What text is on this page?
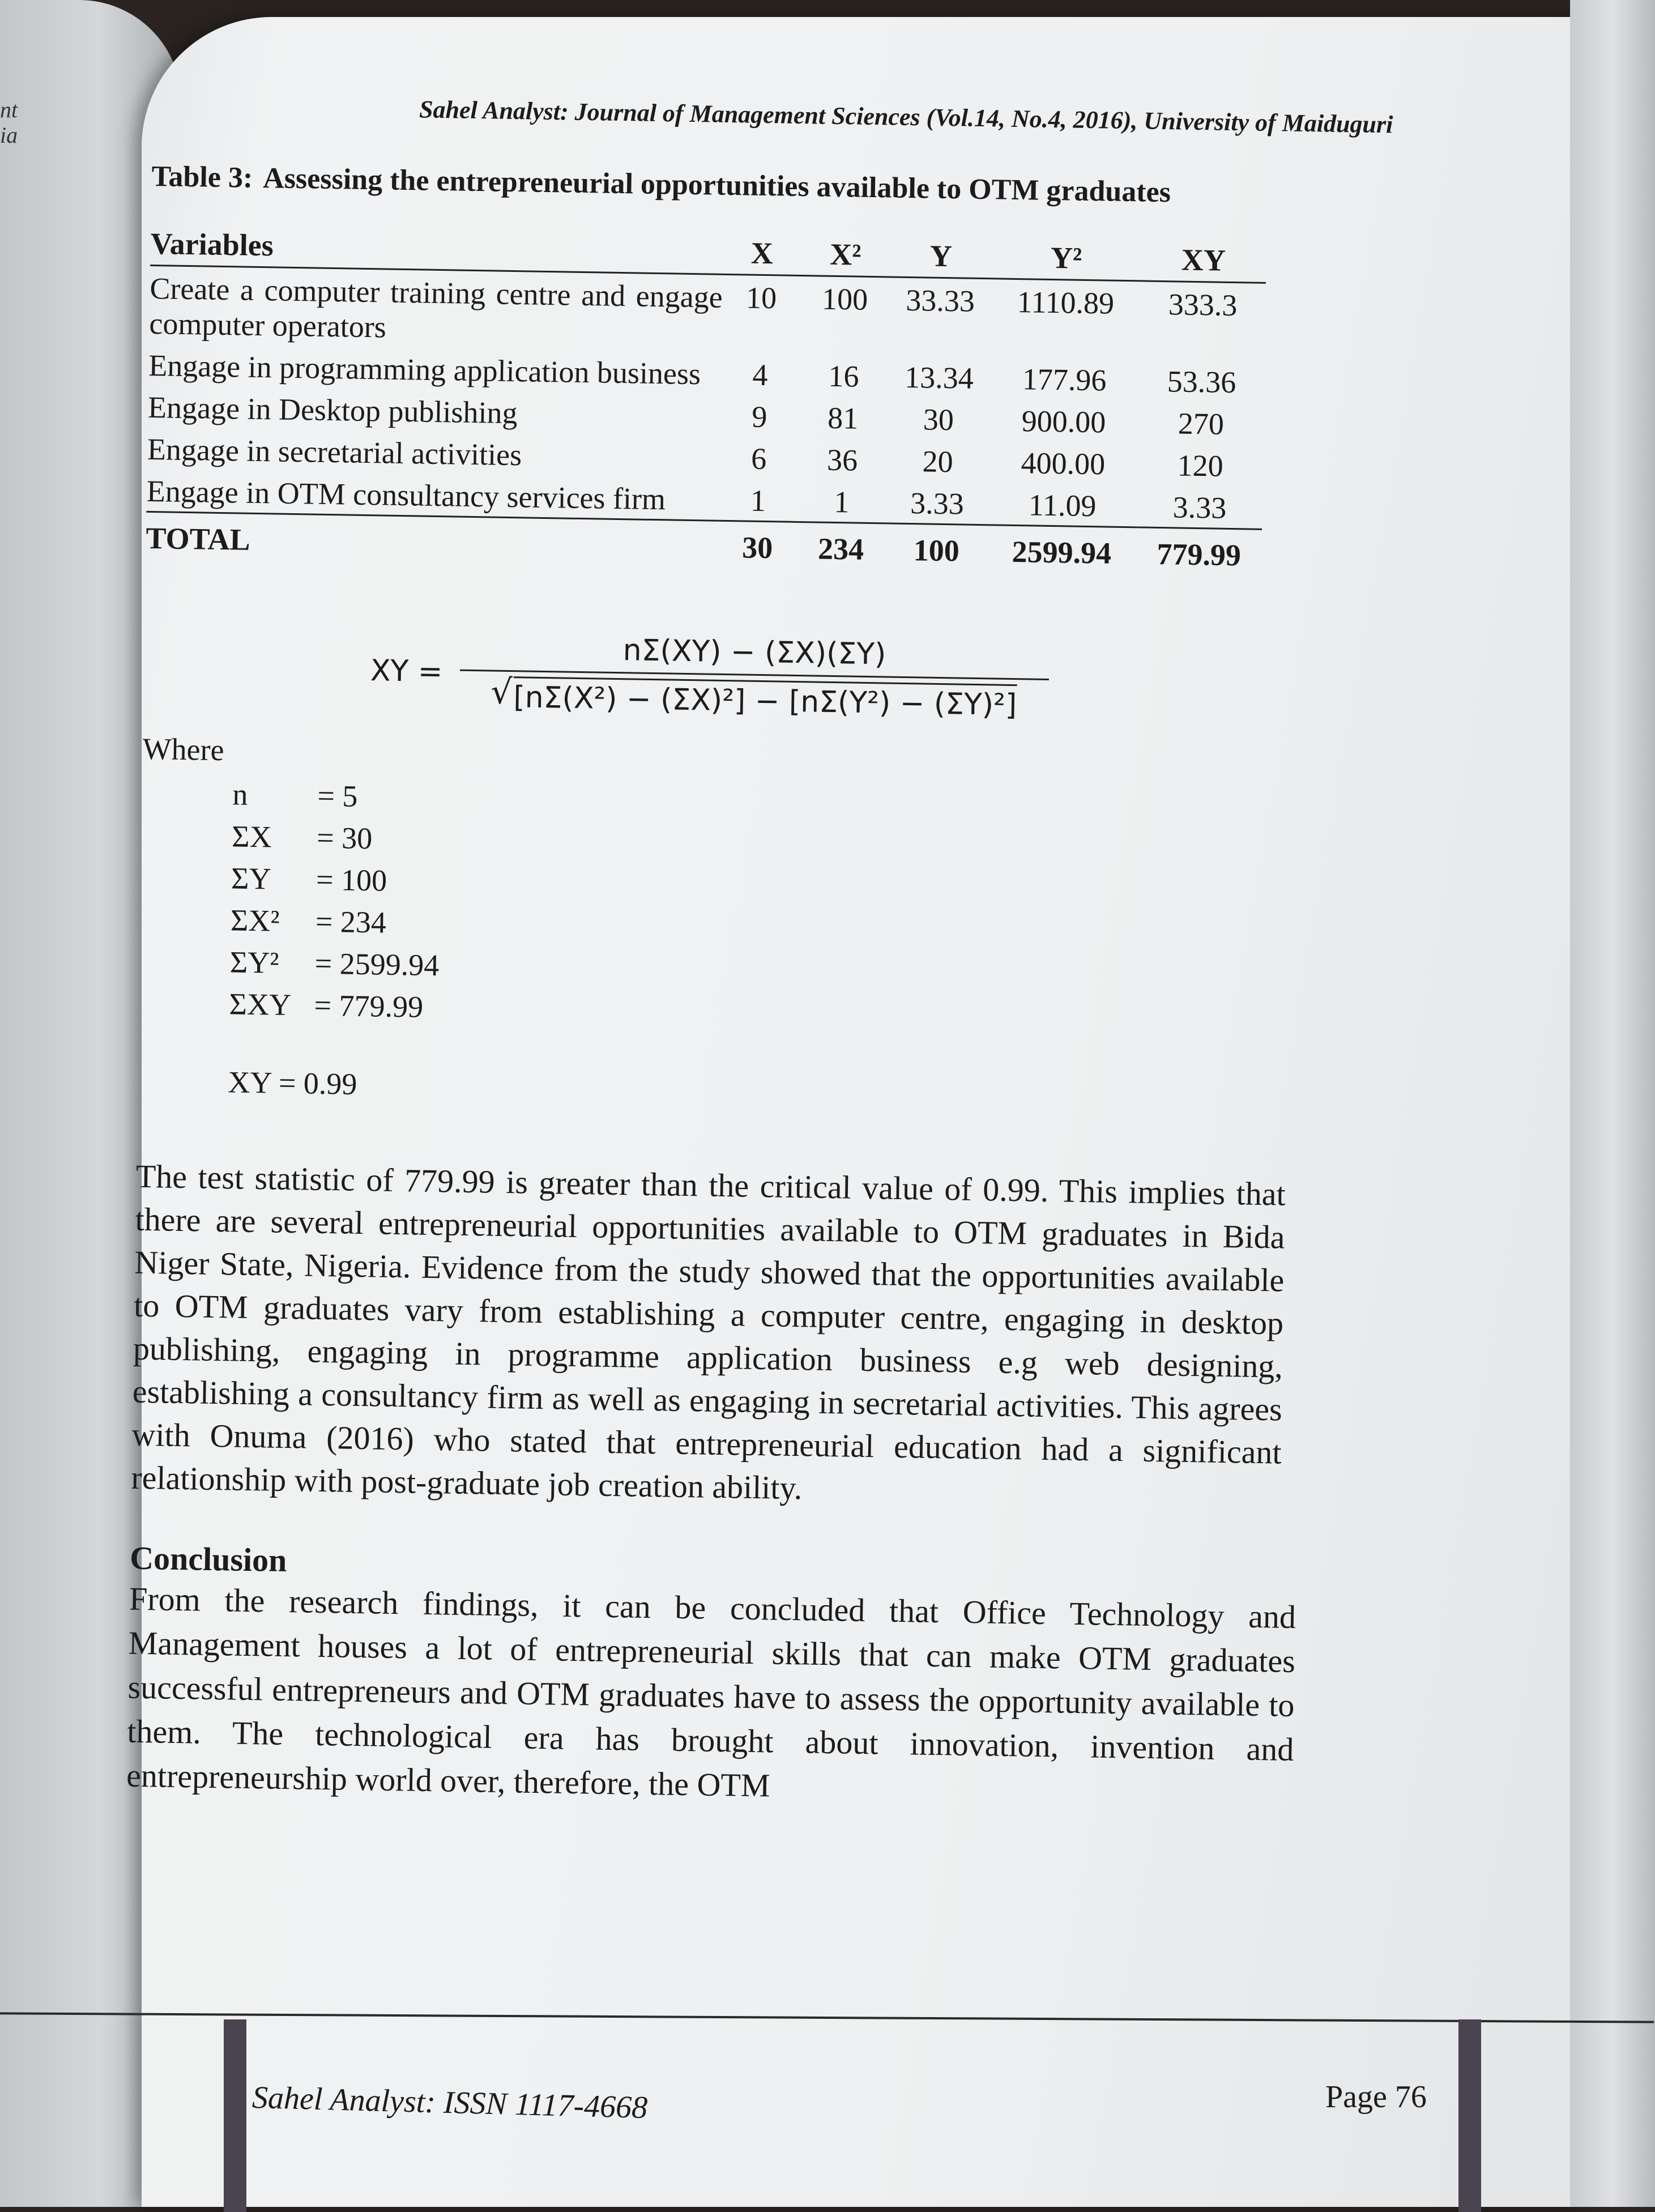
nt
ia	Sahel Analyst: Journal of Management Sciences (Vol.14, No.4, 2016), University of Maiduguri
Table 3: Assessing the entrepreneurial opportunities available to OTM graduates
Variables	X	X²	Y	Y²	XY
Create a computer training centre and engage computer operators	10	100	33.33	1110.89	333.3
Engage in programming application business	4	16	13.34	177.96	53.36
Engage in Desktop publishing	9	81	30	900.00	270
Engage in secretarial activities	6	36	20	400.00	120
Engage in OTM consultancy services firm	1	1	3.33	11.09	3.33
TOTAL	30	234	100	2599.94	779.99
XY =	nΣ(XY) − (ΣX)(ΣY)
√ [nΣ(X²) − (ΣX)²] − [nΣ(Y²) − (ΣY)²]
Where
n	= 5
ΣX	= 30
ΣY	= 100
ΣX²	= 234
ΣY²	= 2599.94
ΣXY = 779.99
XY = 0.99
The test statistic of 779.99 is greater than the critical value of 0.99. This implies that there are several entrepreneurial opportunities available to OTM graduates in Bida Niger State, Nigeria. Evidence from the study showed that the opportunities available to OTM graduates vary from establishing a computer centre, engaging in desktop publishing, engaging in programme application business e.g web designing, establishing a consultancy firm as well as engaging in secretarial activities. This agrees with Onuma (2016) who stated that entrepreneurial education had a significant relationship with post-graduate job creation ability.
Conclusion
From the research findings, it can be concluded that Office Technology and Management houses a lot of entrepreneurial skills that can make OTM graduates successful entrepreneurs and OTM graduates have to assess the opportunity available to them. The technological era has brought about innovation, invention and entrepreneurship world over, therefore, the OTM
Sahel Analyst: ISSN 1117-4668	Page 76
